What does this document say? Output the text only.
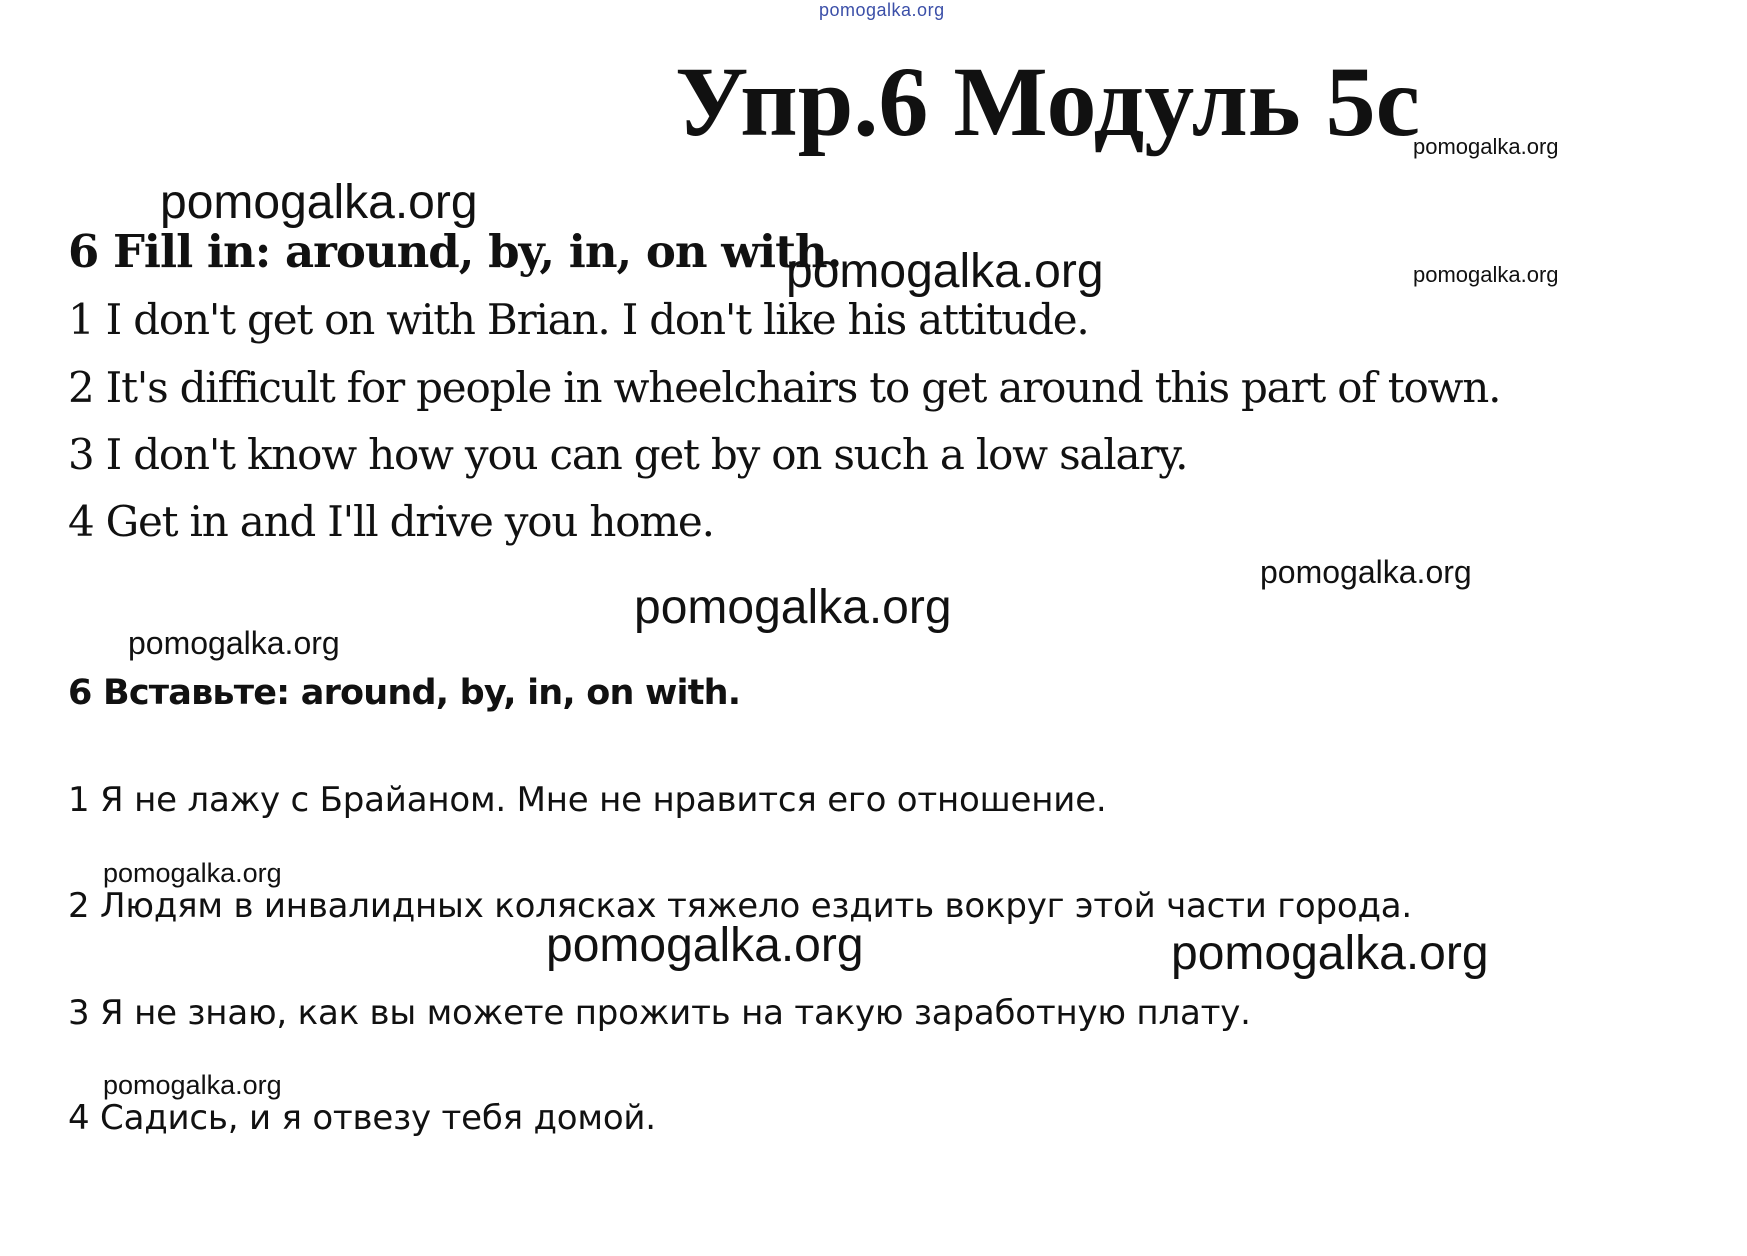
pomogalka.org
Упр.6 Модуль 5с
pomogalka.org
pomogalka.org
pomogalka.org	pomogalka.org
pomogalka.org
pomogalka.org
pomogalka.org
pomogalka.org
pomogalka.org	pomogalka.org
pomogalka.org
6 Fill in: around, by, in, on with.
1 I don't get on with Brian. I don't like his attitude.
2 It's difficult for people in wheelchairs to get around this part of town.
3 I don't know how you can get by on such a low salary.
4 Get in and I'll drive you home.
6 Вставьте: around, by, in, on with.
1 Я не лажу с Брайаном. Мне не нравится его отношение.
2 Людям в инвалидных колясках тяжело ездить вокруг этой части города.
3 Я не знаю, как вы можете прожить на такую заработную плату.
4 Садись, и я отвезу тебя домой.
